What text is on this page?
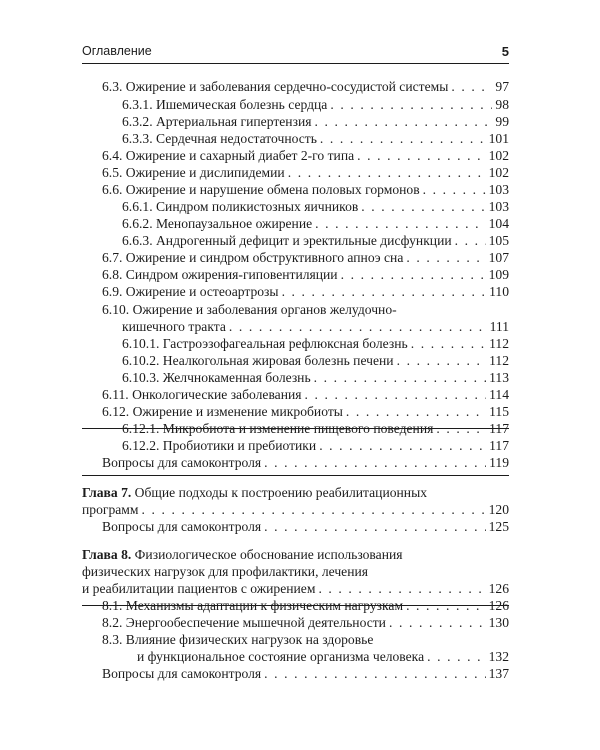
Оглавление	5
6.3. Ожирение и заболевания сердечно-сосудистой системы . . .	97
6.3.1. Ишемическая болезнь сердца . . .	98
6.3.2. Артериальная гипертензия . . .	99
6.3.3. Сердечная недостаточность . . .	101
6.4. Ожирение и сахарный диабет 2-го типа . . .	102
6.5. Ожирение и дислипидемии . . .	102
6.6. Ожирение и нарушение обмена половых гормонов . . .	103
6.6.1. Синдром поликистозных яичников . . .	103
6.6.2. Менопаузальное ожирение . . .	104
6.6.3. Андрогенный дефицит и эректильные дисфункции . . .	105
6.7. Ожирение и синдром обструктивного апноэ сна . . .	107
6.8. Синдром ожирения-гиповентиляции . . .	109
6.9. Ожирение и остеоартрозы . . .	110
6.10. Ожирение и заболевания органов желудочно-
кишечного тракта . . .	111
6.10.1. Гастроэзофагеальная рефлюксная болезнь . . .	112
6.10.2. Неалкогольная жировая болезнь печени . . .	112
6.10.3. Желчнокаменная болезнь . . .	113
6.11. Онкологические заболевания . . .	114
6.12. Ожирение и изменение микробиоты . . .	115
6.12.1. Микробиота и изменение пищевого поведения . . .	117
6.12.2. Пробиотики и пребиотики . . .	117
Вопросы для самоконтроля . . .	119
Глава 7. Общие подходы к построению реабилитационных
программ . . .	120
Вопросы для самоконтроля . . .	125
Глава 8. Физиологическое обоснование использования
физических нагрузок для профилактики, лечения
и реабилитации пациентов с ожирением . . .	126
8.1. Механизмы адаптации к физическим нагрузкам . . .	126
8.2. Энергообеспечение мышечной деятельности . . .	130
8.3. Влияние физических нагрузок на здоровье
и функциональное состояние организма человека . . .	132
Вопросы для самоконтроля . . .	137
